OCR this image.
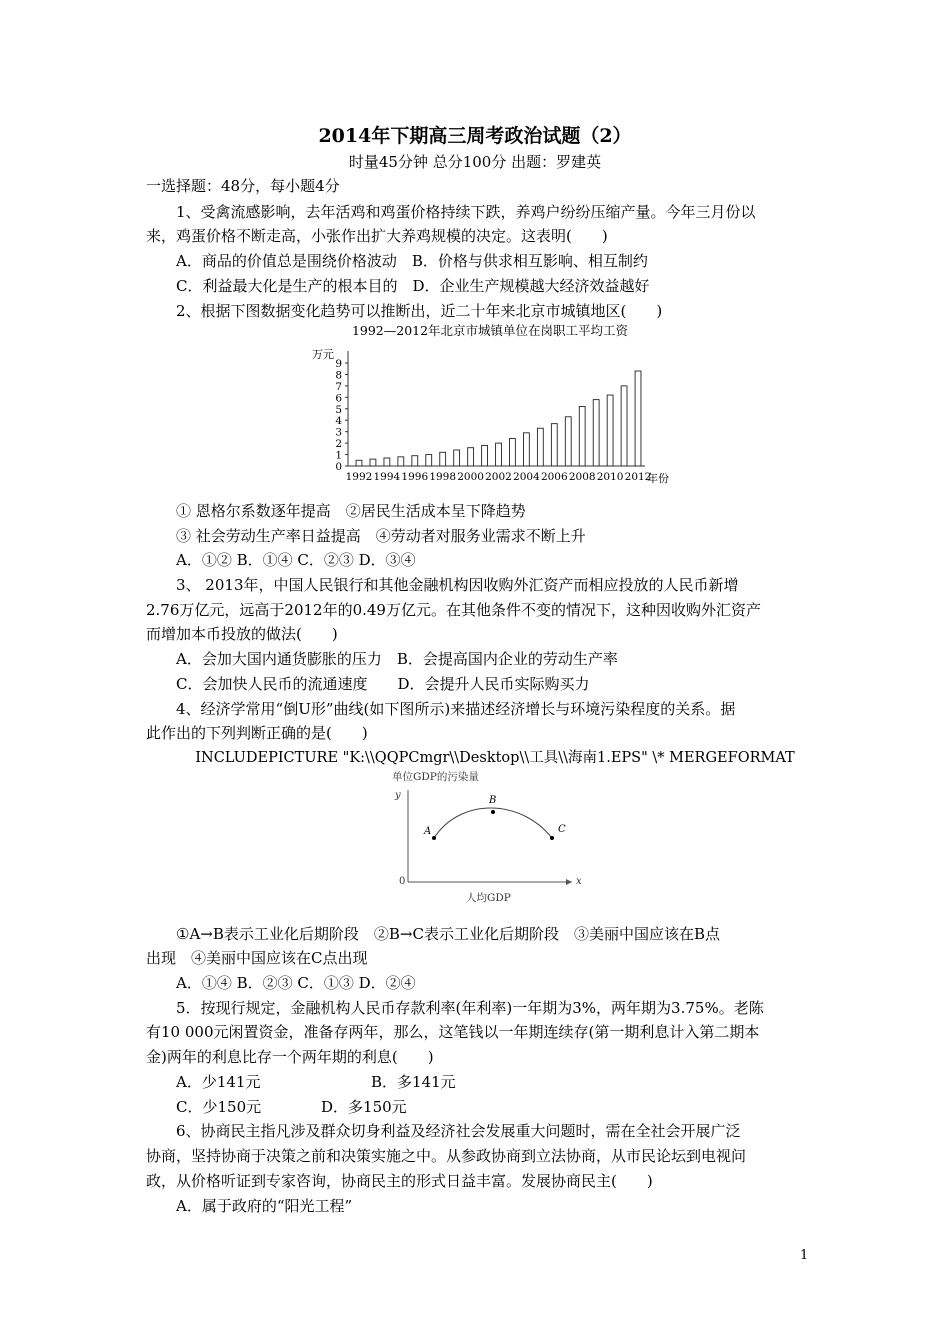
2014年下期高三周考政治试题（2）
时量45分钟 总分100分 出题：罗建英
一选择题：48分，每小题4分
1、受禽流感影响，去年活鸡和鸡蛋价格持续下跌，养鸡户纷纷压缩产量。今年三月份以
来，鸡蛋价格不断走高，小张作出扩大养鸡规模的决定。这表明(　　)
A．商品的价值总是围绕价格波动　B．价格与供求相互影响、相互制约
C．利益最大化是生产的根本目的　D．企业生产规模越大经济效益越好
2、根据下图数据变化趋势可以推断出，近二十年来北京市城镇地区(　　)
1992—2012年北京市城镇单位在岗职工平均工资
万元
年份
0
1
2
3
4
5
6
7
8
9
1992 1994 1996 1998 2000 2002 2004 2006 2008 2010 2012
① 恩格尔系数逐年提高　②居民生活成本呈下降趋势
③ 社会劳动生产率日益提高　④劳动者对服务业需求不断上升
A．①② B．①④ C．②③ D．③④
3、 2013年，中国人民银行和其他金融机构因收购外汇资产而相应投放的人民币新增
2.76万亿元，远高于2012年的0.49万亿元。在其他条件不变的情况下，这种因收购外汇资产
而增加本币投放的做法(　　)
A．会加大国内通货膨胀的压力　B．会提高国内企业的劳动生产率
C．会加快人民币的流通速度　　D．会提升人民币实际购买力
4、经济学常用“倒U形”曲线(如下图所示)来描述经济增长与环境污染程度的关系。据
此作出的下列判断正确的是(　　)
INCLUDEPICTURE "K:\\QQPCmgr\\Desktop\\工具\\海南1.EPS" \* MERGEFORMAT
单位GDP的污染量
y
0	x
A
B
C
人均GDP
①A→B表示工业化后期阶段　②B→C表示工业化后期阶段　③美丽中国应该在B点
出现　④美丽中国应该在C点出现
A．①④ B．②③ C．①③ D．②④
5．按现行规定，金融机构人民币存款利率(年利率)一年期为3%，两年期为3.75%。老陈
有10 000元闲置资金，准备存两年，那么，这笔钱以一年期连续存(第一期利息计入第二期本
金)两年的利息比存一个两年期的利息(　　)
A．少141元	B．多141元
C．少150元	D．多150元
6、协商民主指凡涉及群众切身利益及经济社会发展重大问题时，需在全社会开展广泛
协商，坚持协商于决策之前和决策实施之中。从参政协商到立法协商，从市民论坛到电视问
政，从价格听证到专家咨询，协商民主的形式日益丰富。发展协商民主(　　)
A．属于政府的“阳光工程”
1
